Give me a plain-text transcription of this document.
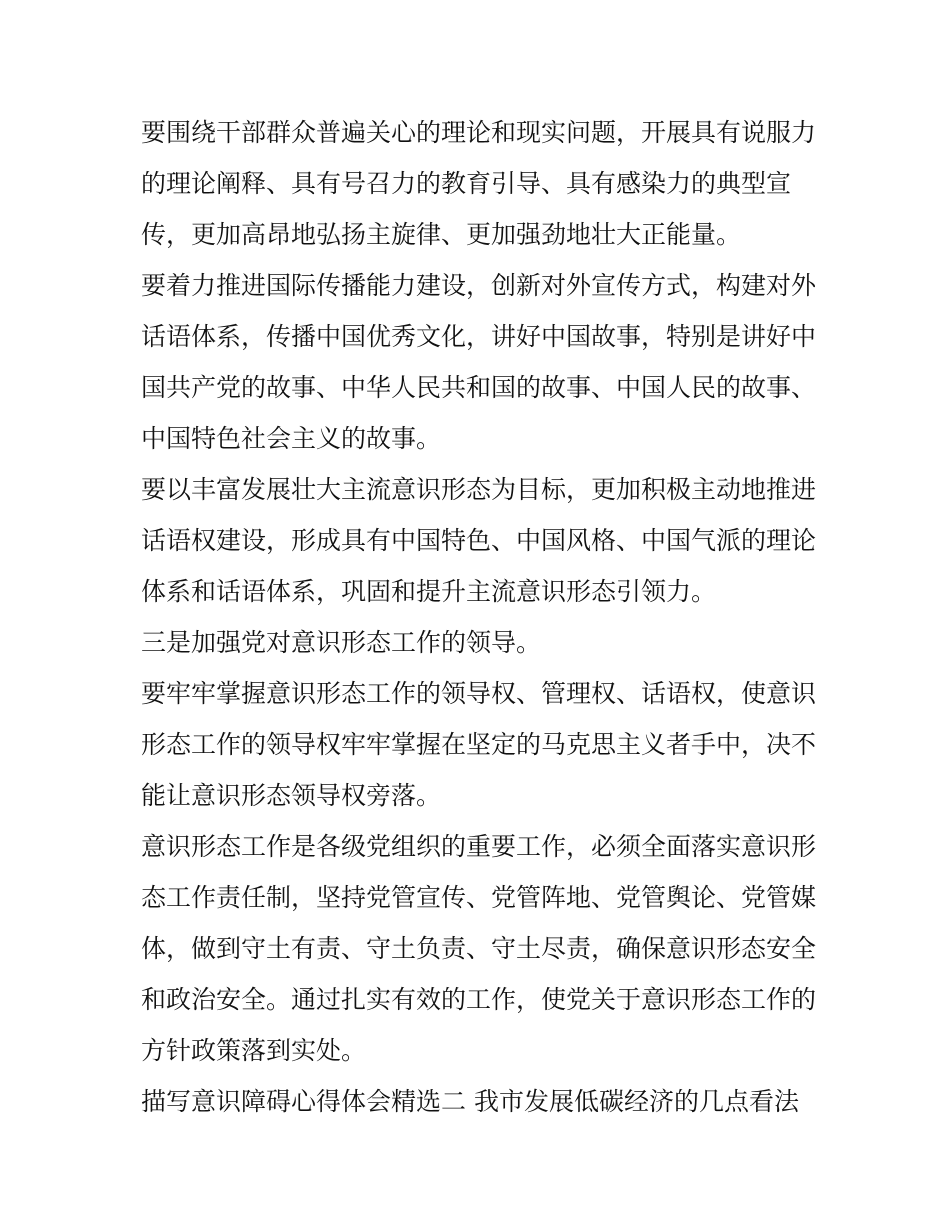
要围绕干部群众普遍关心的理论和现实问题，开展具有说服力
的理论阐释、具有号召力的教育引导、具有感染力的典型宣
传，更加高昂地弘扬主旋律、更加强劲地壮大正能量。
要着力推进国际传播能力建设，创新对外宣传方式，构建对外
话语体系，传播中国优秀文化，讲好中国故事，特别是讲好中
国共产党的故事、中华人民共和国的故事、中国人民的故事、
中国特色社会主义的故事。
要以丰富发展壮大主流意识形态为目标，更加积极主动地推进
话语权建设，形成具有中国特色、中国风格、中国气派的理论
体系和话语体系，巩固和提升主流意识形态引领力。
三是加强党对意识形态工作的领导。
要牢牢掌握意识形态工作的领导权、管理权、话语权，使意识
形态工作的领导权牢牢掌握在坚定的马克思主义者手中，决不
能让意识形态领导权旁落。
意识形态工作是各级党组织的重要工作，必须全面落实意识形
态工作责任制，坚持党管宣传、党管阵地、党管舆论、党管媒
体，做到守土有责、守土负责、守土尽责，确保意识形态安全
和政治安全。通过扎实有效的工作，使党关于意识形态工作的
方针政策落到实处。
描写意识障碍心得体会精选二 我市发展低碳经济的几点看法
